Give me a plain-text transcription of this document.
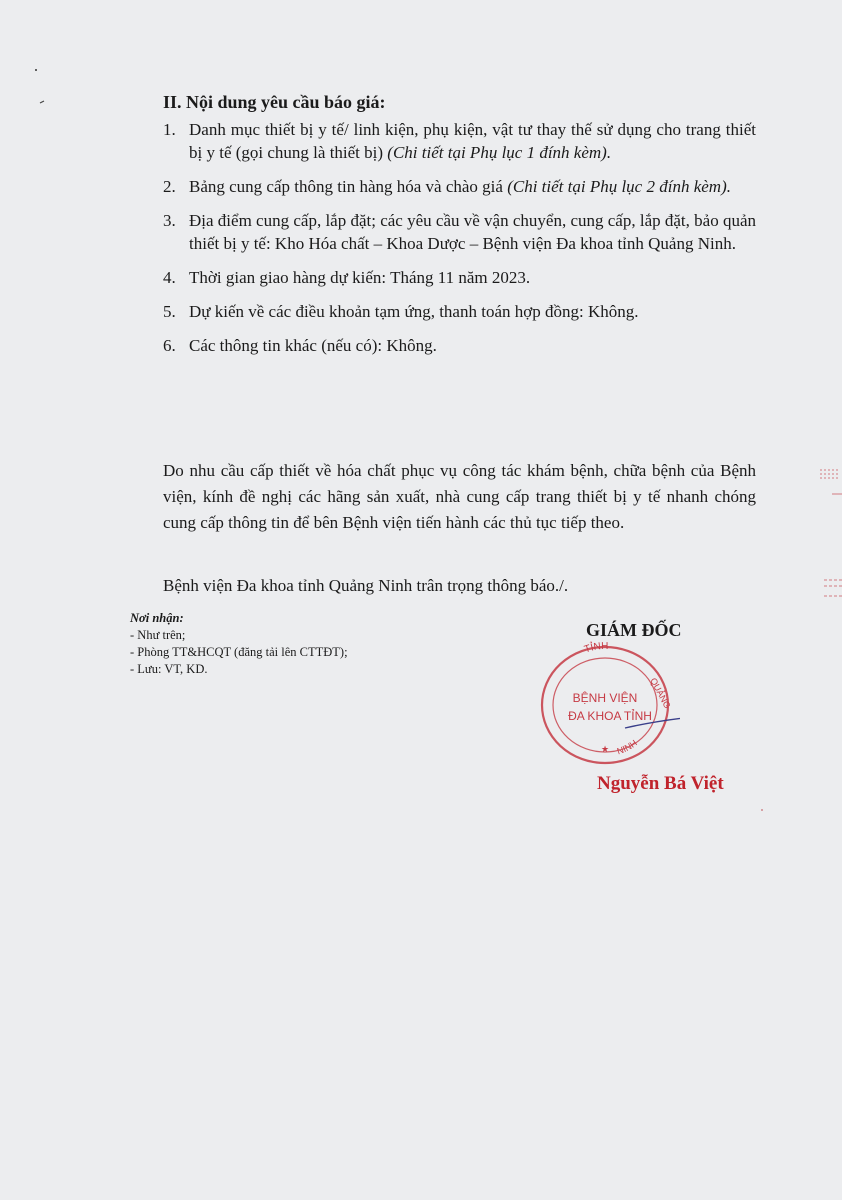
II. Nội dung yêu cầu báo giá:
1. Danh mục thiết bị y tế/ linh kiện, phụ kiện, vật tư thay thế sử dụng cho trang thiết bị y tế (gọi chung là thiết bị) (Chi tiết tại Phụ lục 1 đính kèm).
2. Bảng cung cấp thông tin hàng hóa và chào giá (Chi tiết tại Phụ lục 2 đính kèm).
3. Địa điểm cung cấp, lắp đặt; các yêu cầu về vận chuyển, cung cấp, lắp đặt, bảo quản thiết bị y tế: Kho Hóa chất – Khoa Dược – Bệnh viện Đa khoa tỉnh Quảng Ninh.
4. Thời gian giao hàng dự kiến: Tháng 11 năm 2023.
5. Dự kiến về các điều khoản tạm ứng, thanh toán hợp đồng: Không.
6. Các thông tin khác (nếu có): Không.

Do nhu cầu cấp thiết về hóa chất phục vụ công tác khám bệnh, chữa bệnh của Bệnh viện, kính đề nghị các hãng sản xuất, nhà cung cấp trang thiết bị y tế nhanh chóng cung cấp thông tin để bên Bệnh viện tiến hành các thủ tục tiếp theo.

Bệnh viện Đa khoa tỉnh Quảng Ninh trân trọng thông báo./.

Nơi nhận:
- Như trên;
- Phòng TT&HCQT (đăng tải lên CTTĐT);
- Lưu: VT, KD.

GIÁM ĐỐC

TỈNH
QUẢNG
NINH
BỆNH VIỆN
ĐA KHOA TỈNH
★

Nguyễn Bá Việt
